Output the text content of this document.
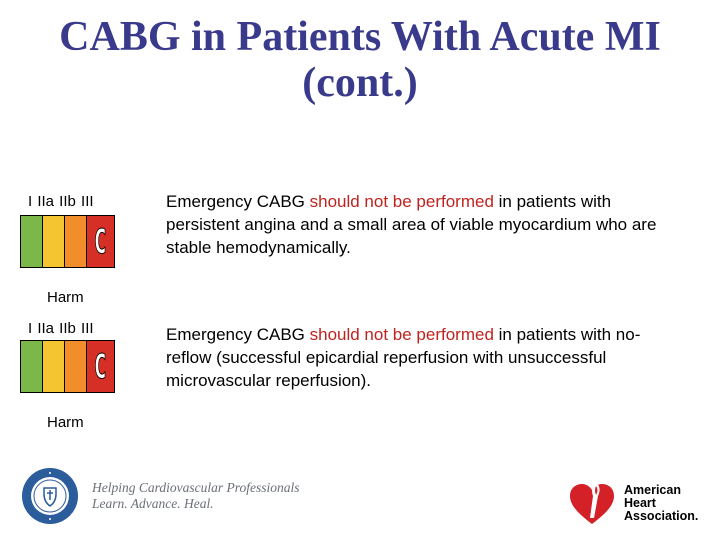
CABG in Patients With Acute MI
(cont.)
I IIa IIb III
C
Harm
Emergency CABG should not be performed in patients with persistent angina and a small area of viable myocardium who are stable hemodynamically.
I IIa IIb III
C
Harm
Emergency CABG should not be performed in patients with no-reflow (successful epicardial reperfusion with unsuccessful microvascular reperfusion).
Helping Cardiovascular Professionals
Learn. Advance. Heal.
American
Heart
Association.
